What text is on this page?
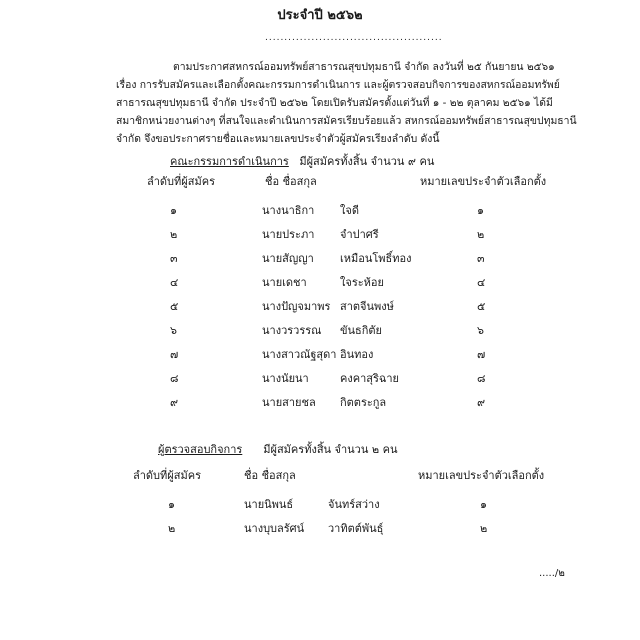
ประจำปี ๒๕๖๒
..............................................

ตามประกาศสหกรณ์ออมทรัพย์สาธารณสุขปทุมธานี จำกัด ลงวันที่ ๒๕ กันยายน ๒๕๖๑

เรื่อง การรับสมัครและเลือกตั้งคณะกรรมการดำเนินการ และผู้ตรวจสอบกิจการของสหกรณ์ออมทรัพย์

สาธารณสุขปทุมธานี จำกัด ประจำปี ๒๕๖๒ โดยเปิดรับสมัครตั้งแต่วันที่ ๑ - ๒๒ ตุลาคม ๒๕๖๑ ได้มี

สมาชิกหน่วยงานต่างๆ ที่สนใจและดำเนินการสมัครเรียบร้อยแล้ว สหกรณ์ออมทรัพย์สาธารณสุขปทุมธานี

จำกัด จึงขอประกาศรายชื่อและหมายเลขประจำตัวผู้สมัครเรียงลำดับ ดังนี้

คณะกรรมการดำเนินการ มีผู้สมัครทั้งสิ้น จำนวน ๙ คน
ลำดับที่ผู้สมัคร	ชื่อ ชื่อสกุล	หมายเลขประจำตัวเลือกตั้ง
๑	นางนาธิกา ใจดี	๑
๒	นายประภา จำปาศรี	๒
๓	นายสัญญา เหมือนโพธิ์ทอง	๓
๔	นายเดชา	ใจระห้อย	๔
๕	นางปัญจมาพร สาตจีนพงษ์	๕
๖	นางวรวรรณ ขันธกิตัย	๖
๗	นางสาวณัฐสุดา อินทอง	๗
๘	นางนัยนา	คงคาสุริฉาย	๘
๙	นายสายชล กิตตระกูล	๙
ผู้ตรวจสอบกิจการ มีผู้สมัครทั้งสิ้น จำนวน ๒ คน
ลำดับที่ผู้สมัคร	ชื่อ ชื่อสกุล	หมายเลขประจำตัวเลือกตั้ง
๑	นายนิพนธ์	จันทร์สว่าง	๑
๒	นางบุบลรัศน์ วาทิตต์พันธุ์	๒
...../๒
